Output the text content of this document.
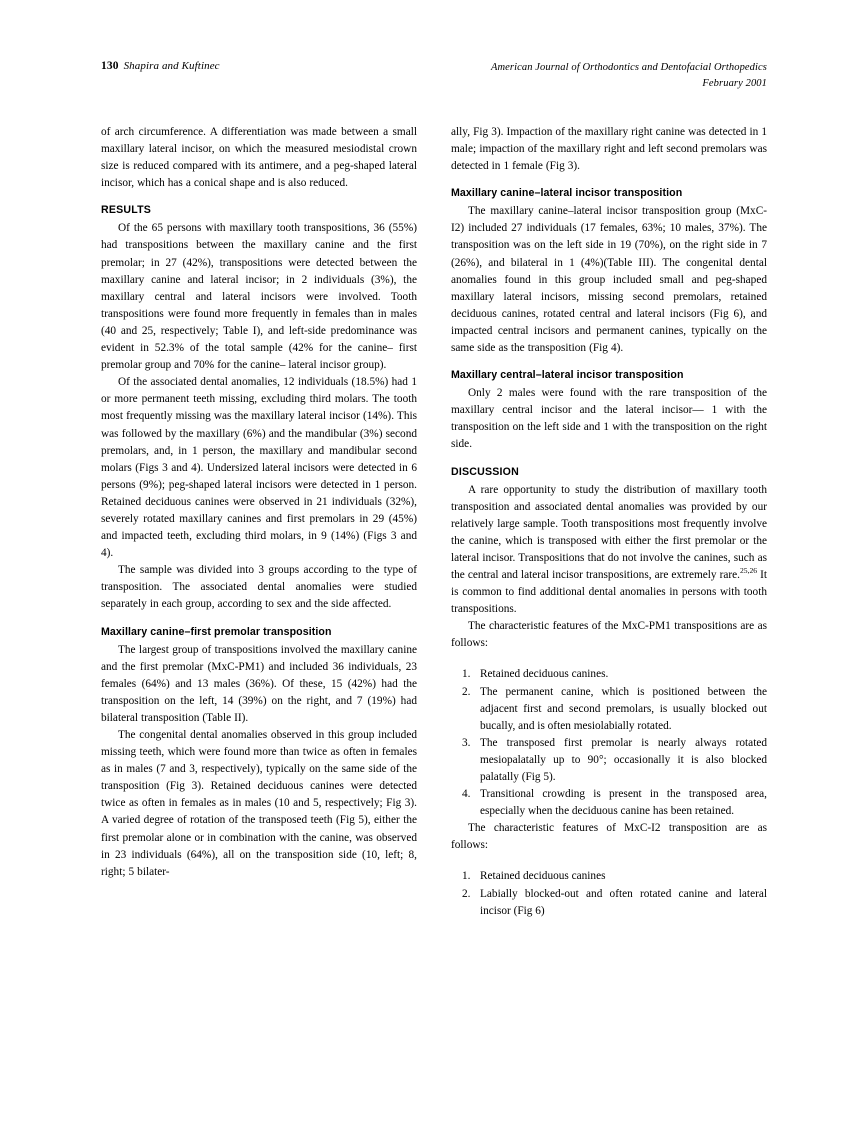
130 Shapira and Kuftinec	American Journal of Orthodontics and Dentofacial Orthopedics
February 2001

of arch circumference. A differentiation was made between a small maxillary lateral incisor, on which the measured mesiodistal crown size is reduced compared with its antimere, and a peg-shaped lateral incisor, which has a conical shape and is also reduced.

RESULTS

Of the 65 persons with maxillary tooth transpositions, 36 (55%) had transpositions between the maxillary canine and the first premolar; in 27 (42%), transpositions were detected between the maxillary canine and lateral incisor; in 2 individuals (3%), the maxillary central and lateral incisors were involved. Tooth transpositions were found more frequently in females than in males (40 and 25, respectively; Table I), and left-side predominance was evident in 52.3% of the total sample (42% for the canine– first premolar group and 70% for the canine– lateral incisor group).

Of the associated dental anomalies, 12 individuals (18.5%) had 1 or more permanent teeth missing, excluding third molars. The tooth most frequently missing was the maxillary lateral incisor (14%). This was followed by the maxillary (6%) and the mandibular (3%) second premolars, and, in 1 person, the maxillary and mandibular second molars (Figs 3 and 4). Undersized lateral incisors were detected in 6 persons (9%); peg-shaped lateral incisors were detected in 1 person. Retained deciduous canines were observed in 21 individuals (32%), severely rotated maxillary canines and first premolars in 29 (45%) and impacted teeth, excluding third molars, in 9 (14%) (Figs 3 and 4).

The sample was divided into 3 groups according to the type of transposition. The associated dental anomalies were studied separately in each group, according to sex and the side affected.

Maxillary canine–first premolar transposition

The largest group of transpositions involved the maxillary canine and the first premolar (MxC-PM1) and included 36 individuals, 23 females (64%) and 13 males (36%). Of these, 15 (42%) had the transposition on the left, 14 (39%) on the right, and 7 (19%) had bilateral transposition (Table II).

The congenital dental anomalies observed in this group included missing teeth, which were found more than twice as often in females as in males (7 and 3, respectively), typically on the same side of the transposition (Fig 3). Retained deciduous canines were detected twice as often in females as in males (10 and 5, respectively; Fig 3). A varied degree of rotation of the transposed teeth (Fig 5), either the first premolar alone or in combination with the canine, was observed in 23 individuals (64%), all on the transposition side (10, left; 8, right; 5 bilater-

ally, Fig 3). Impaction of the maxillary right canine was detected in 1 male; impaction of the maxillary right and left second premolars was detected in 1 female (Fig 3).

Maxillary canine–lateral incisor transposition

The maxillary canine–lateral incisor transposition group (MxC-I2) included 27 individuals (17 females, 63%; 10 males, 37%). The transposition was on the left side in 19 (70%), on the right side in 7 (26%), and bilateral in 1 (4%)(Table III). The congenital dental anomalies found in this group included small and peg-shaped maxillary lateral incisors, missing second premolars, retained deciduous canines, rotated central and lateral incisors (Fig 6), and impacted central incisors and permanent canines, typically on the same side as the transposition (Fig 4).

Maxillary central–lateral incisor transposition

Only 2 males were found with the rare transposition of the maxillary central incisor and the lateral incisor— 1 with the transposition on the left side and 1 with the transposition on the right side.

DISCUSSION

A rare opportunity to study the distribution of maxillary tooth transposition and associated dental anomalies was provided by our relatively large sample. Tooth transpositions most frequently involve the canine, which is transposed with either the first premolar or the lateral incisor. Transpositions that do not involve the canines, such as the central and lateral incisor transpositions, are extremely rare.$^{25,26}$ It is common to find additional dental anomalies in persons with tooth transpositions.

The characteristic features of the MxC-PM1 transpositions are as follows:

1. Retained deciduous canines.
2. The permanent canine, which is positioned between the adjacent first and second premolars, is usually blocked out bucally, and is often mesiolabially rotated.
3. The transposed first premolar is nearly always rotated mesiopalatally up to 90°; occasionally it is also blocked palatally (Fig 5).
4. Transitional crowding is present in the transposed area, especially when the deciduous canine has been retained.

The characteristic features of MxC-I2 transposition are as follows:

1. Retained deciduous canines
2. Labially blocked-out and often rotated canine and lateral incisor (Fig 6)
